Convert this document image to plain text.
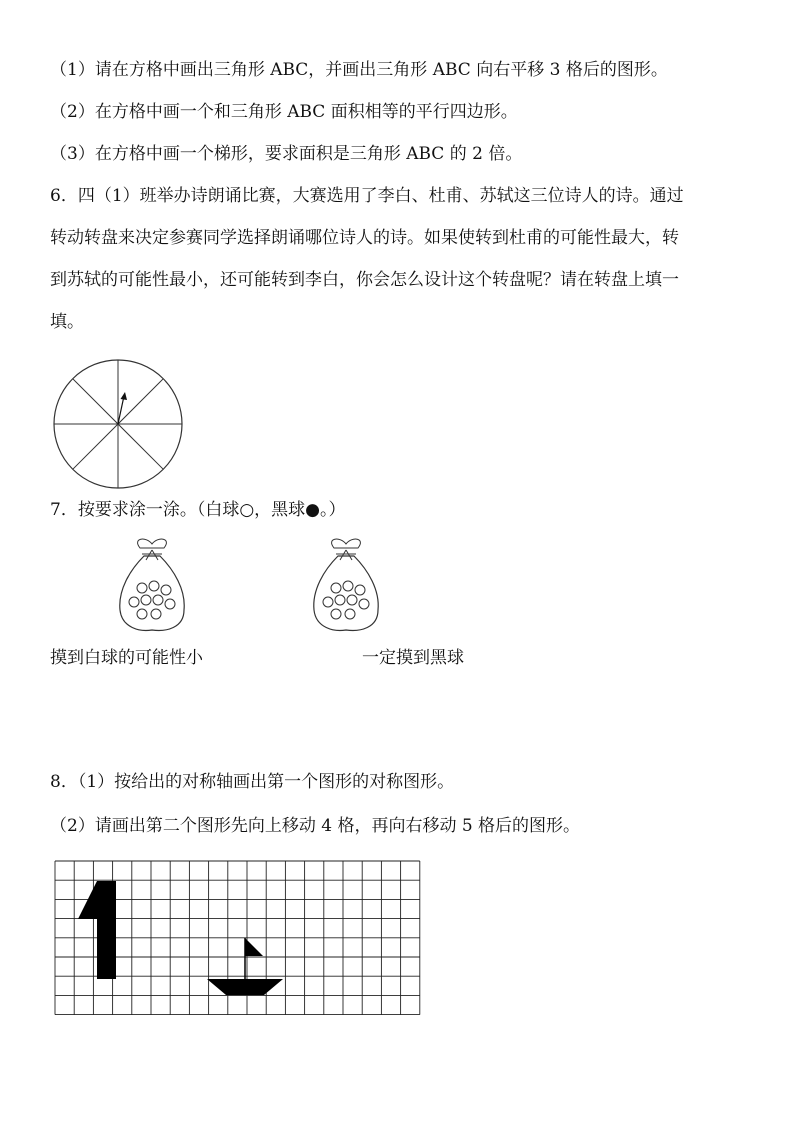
（1）请在方格中画出三角形 ABC，并画出三角形 ABC 向右平移 3 格后的图形。
（2）在方格中画一个和三角形 ABC 面积相等的平行四边形。
（3）在方格中画一个梯形，要求面积是三角形 ABC 的 2 倍。
6．四（1）班举办诗朗诵比赛，大赛选用了李白、杜甫、苏轼这三位诗人的诗。通过
转动转盘来决定参赛同学选择朗诵哪位诗人的诗。如果使转到杜甫的可能性最大，转
到苏轼的可能性最小，还可能转到李白，你会怎么设计这个转盘呢？请在转盘上填一
填。
7．按要求涂一涂。（白球○，黑球●。）
摸到白球的可能性小	一定摸到黑球
8．（1）按给出的对称轴画出第一个图形的对称图形。
（2）请画出第二个图形先向上移动 4 格，再向右移动 5 格后的图形。
